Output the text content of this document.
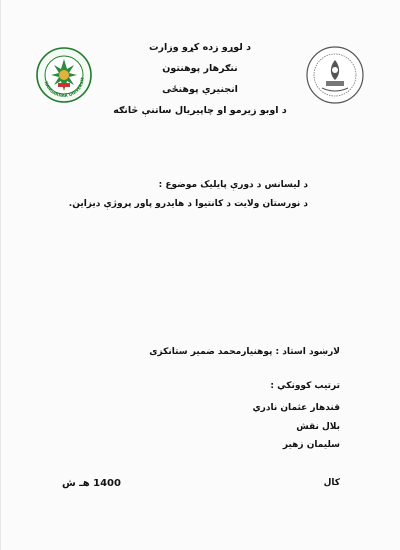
NANGARHAR UNIVERSIT
د لوړو زده کړو وزارت
ننګرهار پوهنتون
انجنيري پوهنځی
د اوبو زيرمو او چاپيريال ساتنې څانګه
د ليسانس د دورې پايليک موضوع :
د نورستان ولايت د کانتيوا د هايدرو پاور پروژې ديزاين.
لارښود استاد : پوهنيارمحمد ضمير ستانکزی
ترتيب کوونکي :
قندهار عثمان نادري
بلال نقش
سليمان زهير
کال
1400 هـ ش
